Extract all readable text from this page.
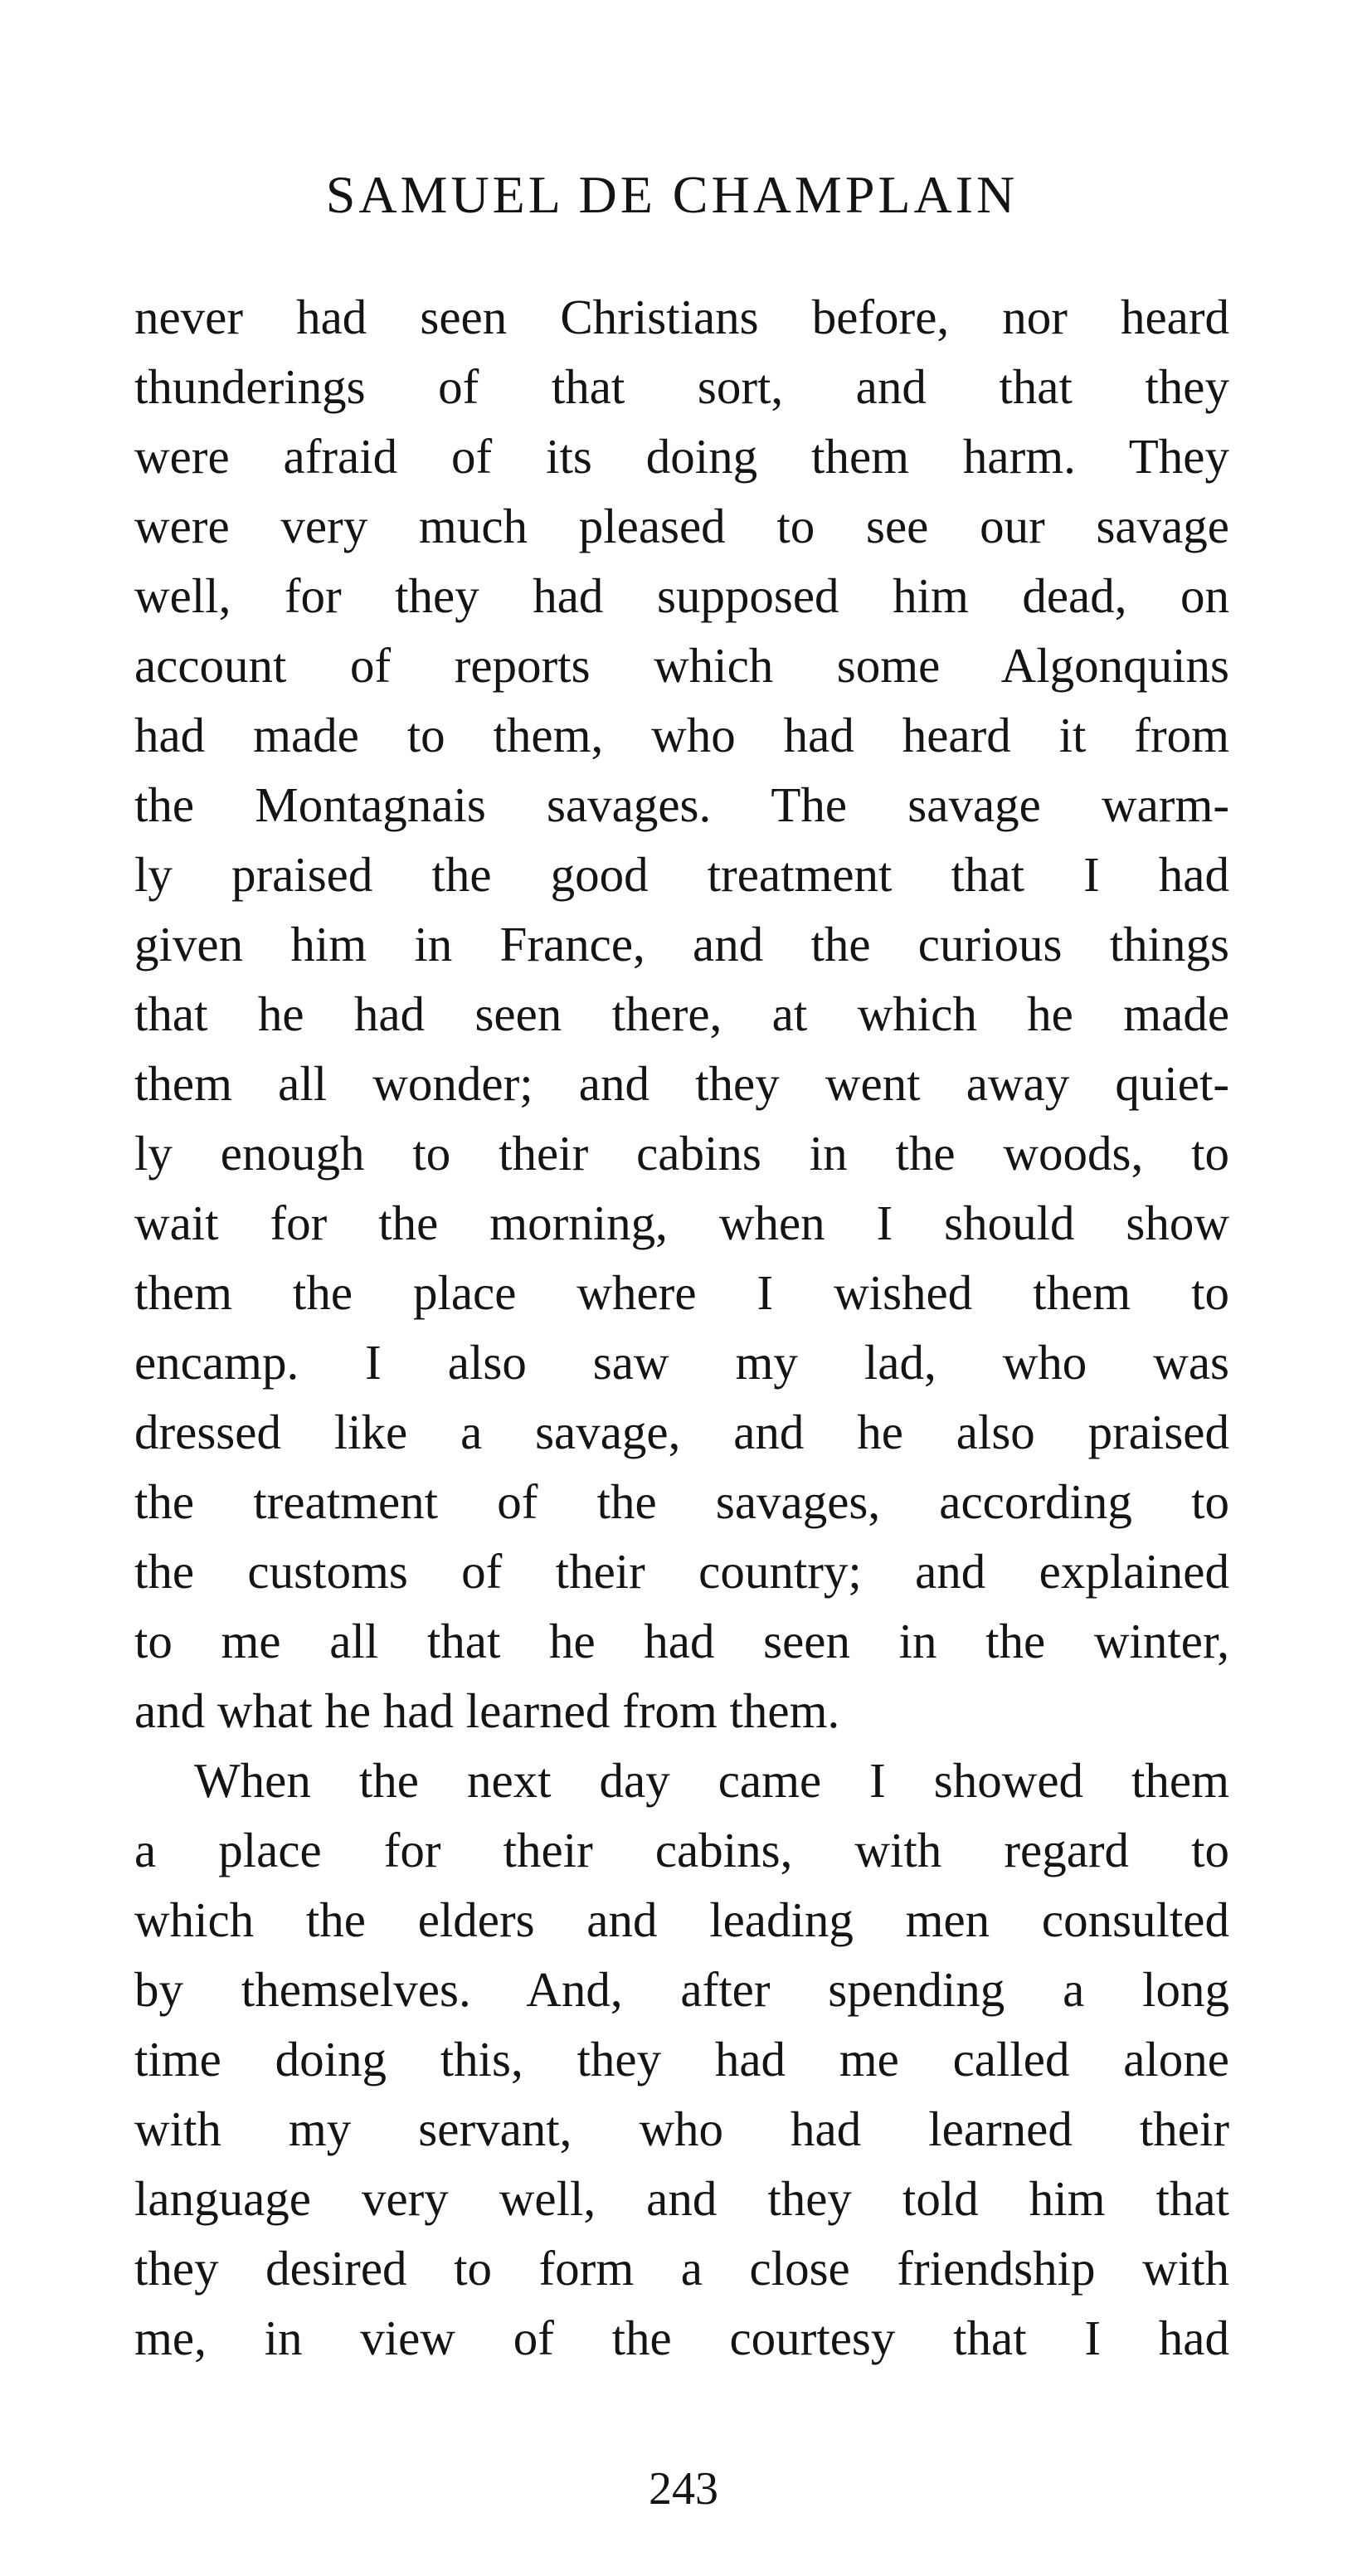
SAMUEL DE CHAMPLAIN
never had seen Christians before, nor heard
thunderings of that sort, and that they
were afraid of its doing them harm. They
were very much pleased to see our savage
well, for they had supposed him dead, on
account of reports which some Algonquins
had made to them, who had heard it from
the Montagnais savages. The savage warm-
ly praised the good treatment that I had
given him in France, and the curious things
that he had seen there, at which he made
them all wonder; and they went away quiet-
ly enough to their cabins in the woods, to
wait for the morning, when I should show
them the place where I wished them to
encamp. I also saw my lad, who was
dressed like a savage, and he also praised
the treatment of the savages, according to
the customs of their country; and explained
to me all that he had seen in the winter,
and what he had learned from them.
When the next day came I showed them
a place for their cabins, with regard to
which the elders and leading men consulted
by themselves. And, after spending a long
time doing this, they had me called alone
with my servant, who had learned their
language very well, and they told him that
they desired to form a close friendship with
me, in view of the courtesy that I had
243
